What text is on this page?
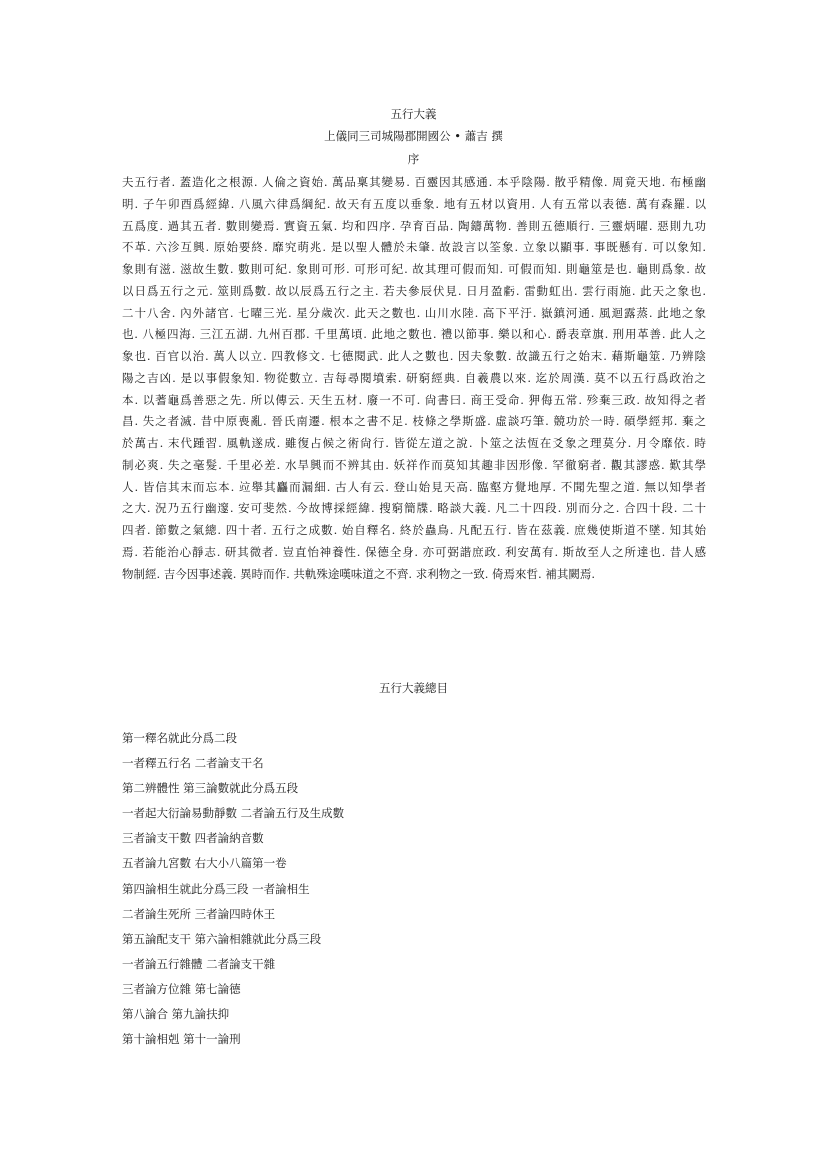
五行大義
上儀同三司城陽郡開國公 • 蕭吉 撰
序
夫五行者. 蓋造化之根源. 人倫之資始. 萬品稟其變易. 百靈因其感通. 本乎陰陽. 散乎精像. 周竟天地. 布極幽
明. 子午卯酉爲經緯. 八風六律爲綱紀. 故天有五度以垂象. 地有五材以資用. 人有五常以表德. 萬有森羅. 以
五爲度. 過其五者. 數則變焉. 實資五氣. 均和四序. 孕育百品. 陶鑄萬物. 善則五德順行. 三靈炳曜. 惡則九功
不革. 六沴互興. 原始要終. 靡究萌兆. 是以聖人體於未肇. 故設言以筌象. 立象以顯事. 事既懸有. 可以象知.
象則有滋. 滋故生數. 數則可紀. 象則可形. 可形可紀. 故其理可假而知. 可假而知. 則龜筮是也. 龜則爲象. 故
以日爲五行之元. 筮則爲數. 故以辰爲五行之主. 若夫參辰伏見. 日月盈虧. 雷動虹出. 雲行雨施. 此天之象也.
二十八舍. 內外諸官. 七曜三光. 星分歲次. 此天之數也. 山川水陸. 高下平汙. 嶽鎮河通. 風迴露蒸. 此地之象
也. 八極四海. 三江五湖. 九州百郡. 千里萬頃. 此地之數也. 禮以節事. 樂以和心. 爵表章旗. 刑用革善. 此人之
象也. 百官以治. 萬人以立. 四教修文. 七德閱武. 此人之數也. 因夫象數. 故識五行之始末. 藉斯龜筮. 乃辨陰
陽之吉凶. 是以事假象知. 物從數立. 吉每尋閱墳索. 研窮經典. 自羲農以來. 迄於周漢. 莫不以五行爲政治之
本. 以蓍龜爲善惡之先. 所以傳云. 天生五材. 廢一不可. 尙書曰. 商王受命. 狎侮五常. 殄棄三政. 故知得之者
昌. 失之者滅. 昔中原喪亂. 晉氏南遷. 根本之書不足. 枝條之學斯盛. 虛談巧筆. 競功於一時. 碩學經邦. 棄之
於萬古. 末代踵習. 風軌遂成. 雖復占候之術尙行. 皆從左道之說. 卜筮之法恆在爻象之理莫分. 月令靡依. 時
制必爽. 失之毫髮. 千里必差. 水旱興而不辨其由. 妖祥作而莫知其趣非因形像. 罕徹窮者. 觀其謬惑. 歎其學
人. 皆信其末而忘本. 竝舉其麤而漏細. 古人有云. 登山始見天高. 臨壑方覺地厚. 不聞先聖之道. 無以知學者
之大. 況乃五行幽邃. 安可斐然. 今故博採經緯. 搜窮簡牒. 略談大義. 凡二十四段. 別而分之. 合四十段. 二十
四者. 節數之氣總. 四十者. 五行之成數. 始自釋名. 終於蟲鳥. 凡配五行. 皆在茲義. 庶幾使斯道不墜. 知其始
焉. 若能治心靜志. 研其微者. 豈直怡神養性. 保德全身. 亦可弼諧庶政. 利安萬有. 斯故至人之所達也. 昔人感
物制經. 吉今因事述義. 異時而作. 共軌殊途嘆味道之不齊. 求利物之一致. 倚焉來哲. 補其闕焉.
五行大義總目
第一釋名就此分爲二段
一者釋五行名 二者論支干名
第二辨體性 第三論數就此分爲五段
一者起大衍論易動靜數 二者論五行及生成數
三者論支干數 四者論納音數
五者論九宮數 右大小八篇第一卷
第四論相生就此分爲三段 一者論相生
二者論生死所 三者論四時休王
第五論配支干 第六論相雜就此分爲三段
一者論五行雜體 二者論支干雜
三者論方位雜 第七論德
第八論合 第九論扶抑
第十論相剋 第十一論刑
